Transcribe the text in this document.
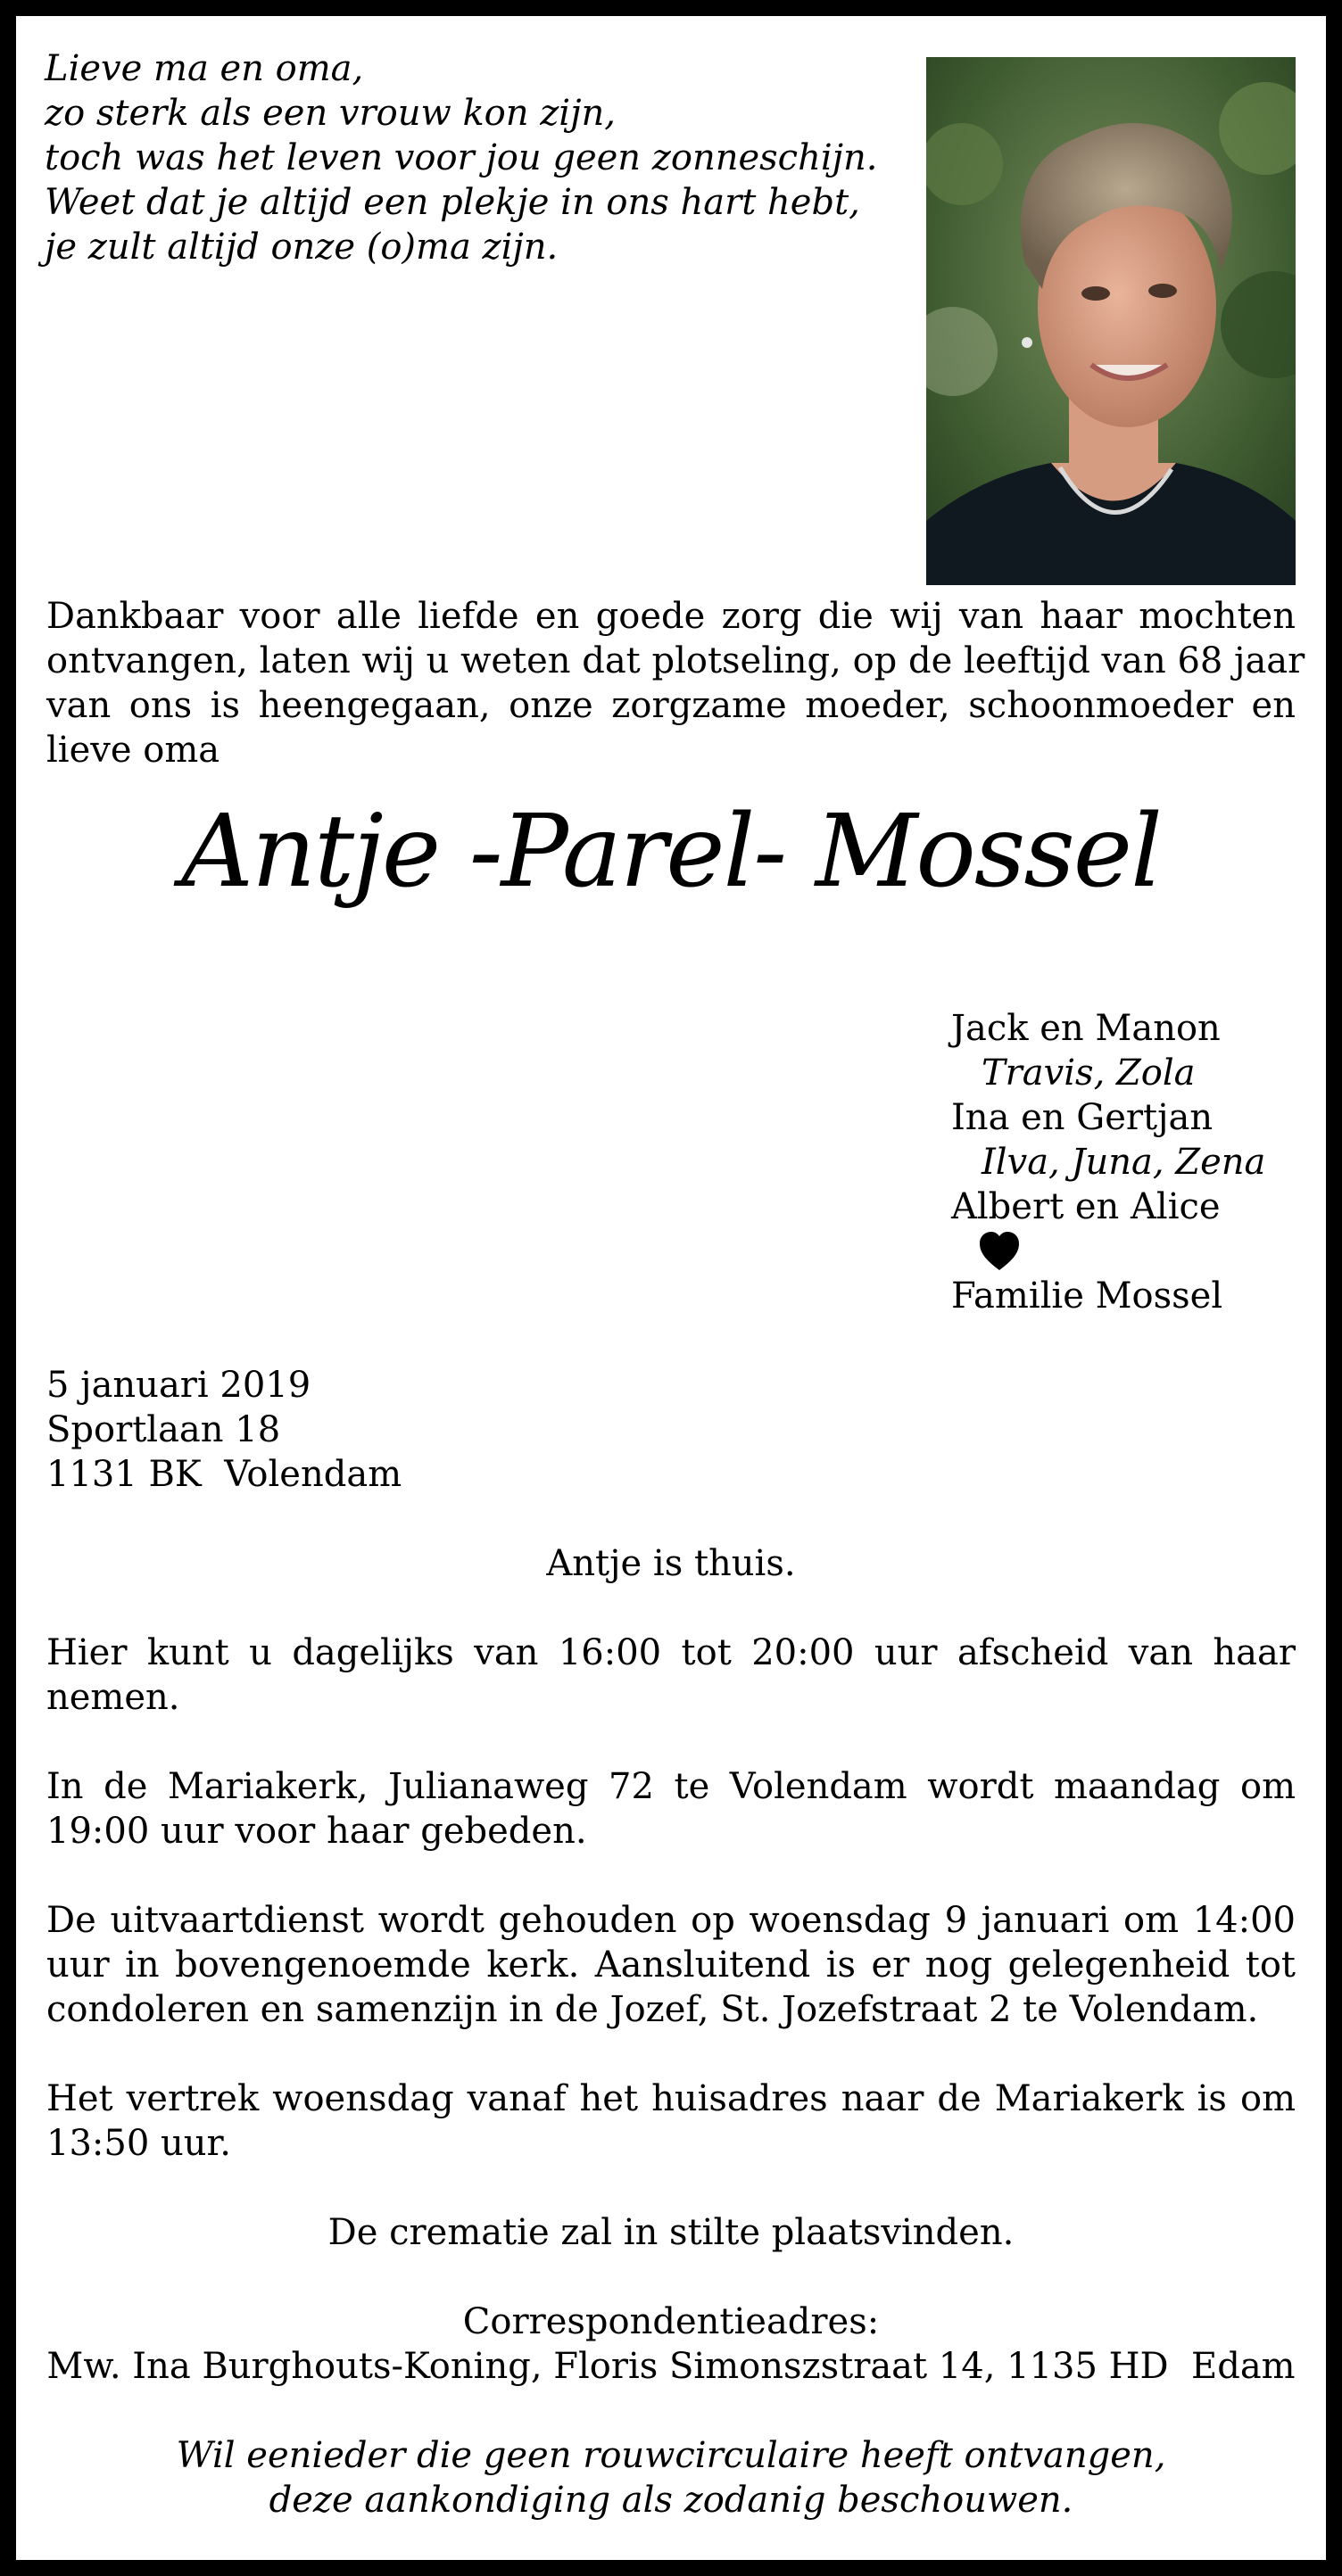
Lieve ma en oma,
zo sterk als een vrouw kon zijn,
toch was het leven voor jou geen zonneschijn.
Weet dat je altijd een plekje in ons hart hebt,
je zult altijd onze (o)ma zijn.
Dankbaar voor alle liefde en goede zorg die wij van haar mochten
ontvangen, laten wij u weten dat plotseling, op de leeftijd van 68 jaar
van ons is heengegaan, onze zorgzame moeder, schoonmoeder en
lieve oma
Antje -Parel- Mossel
Jack en Manon
Travis, Zola
Ina en Gertjan
Ilva, Juna, Zena
Albert en Alice
Familie Mossel
5 januari 2019
Sportlaan 18
1131 BK  Volendam
Antje is thuis.
Hier kunt u dagelijks van 16:00 tot 20:00 uur afscheid van haar
nemen.
In de Mariakerk, Julianaweg 72 te Volendam wordt maandag om
19:00 uur voor haar gebeden.
De uitvaartdienst wordt gehouden op woensdag 9 januari om 14:00
uur in bovengenoemde kerk. Aansluitend is er nog gelegenheid tot
condoleren en samenzijn in de Jozef, St. Jozefstraat 2 te Volendam.
Het vertrek woensdag vanaf het huisadres naar de Mariakerk is om
13:50 uur.
De crematie zal in stilte plaatsvinden.
Correspondentieadres:
Mw. Ina Burghouts-Koning, Floris Simonszstraat 14, 1135 HD  Edam
Wil eenieder die geen rouwcirculaire heeft ontvangen,
deze aankondiging als zodanig beschouwen.
